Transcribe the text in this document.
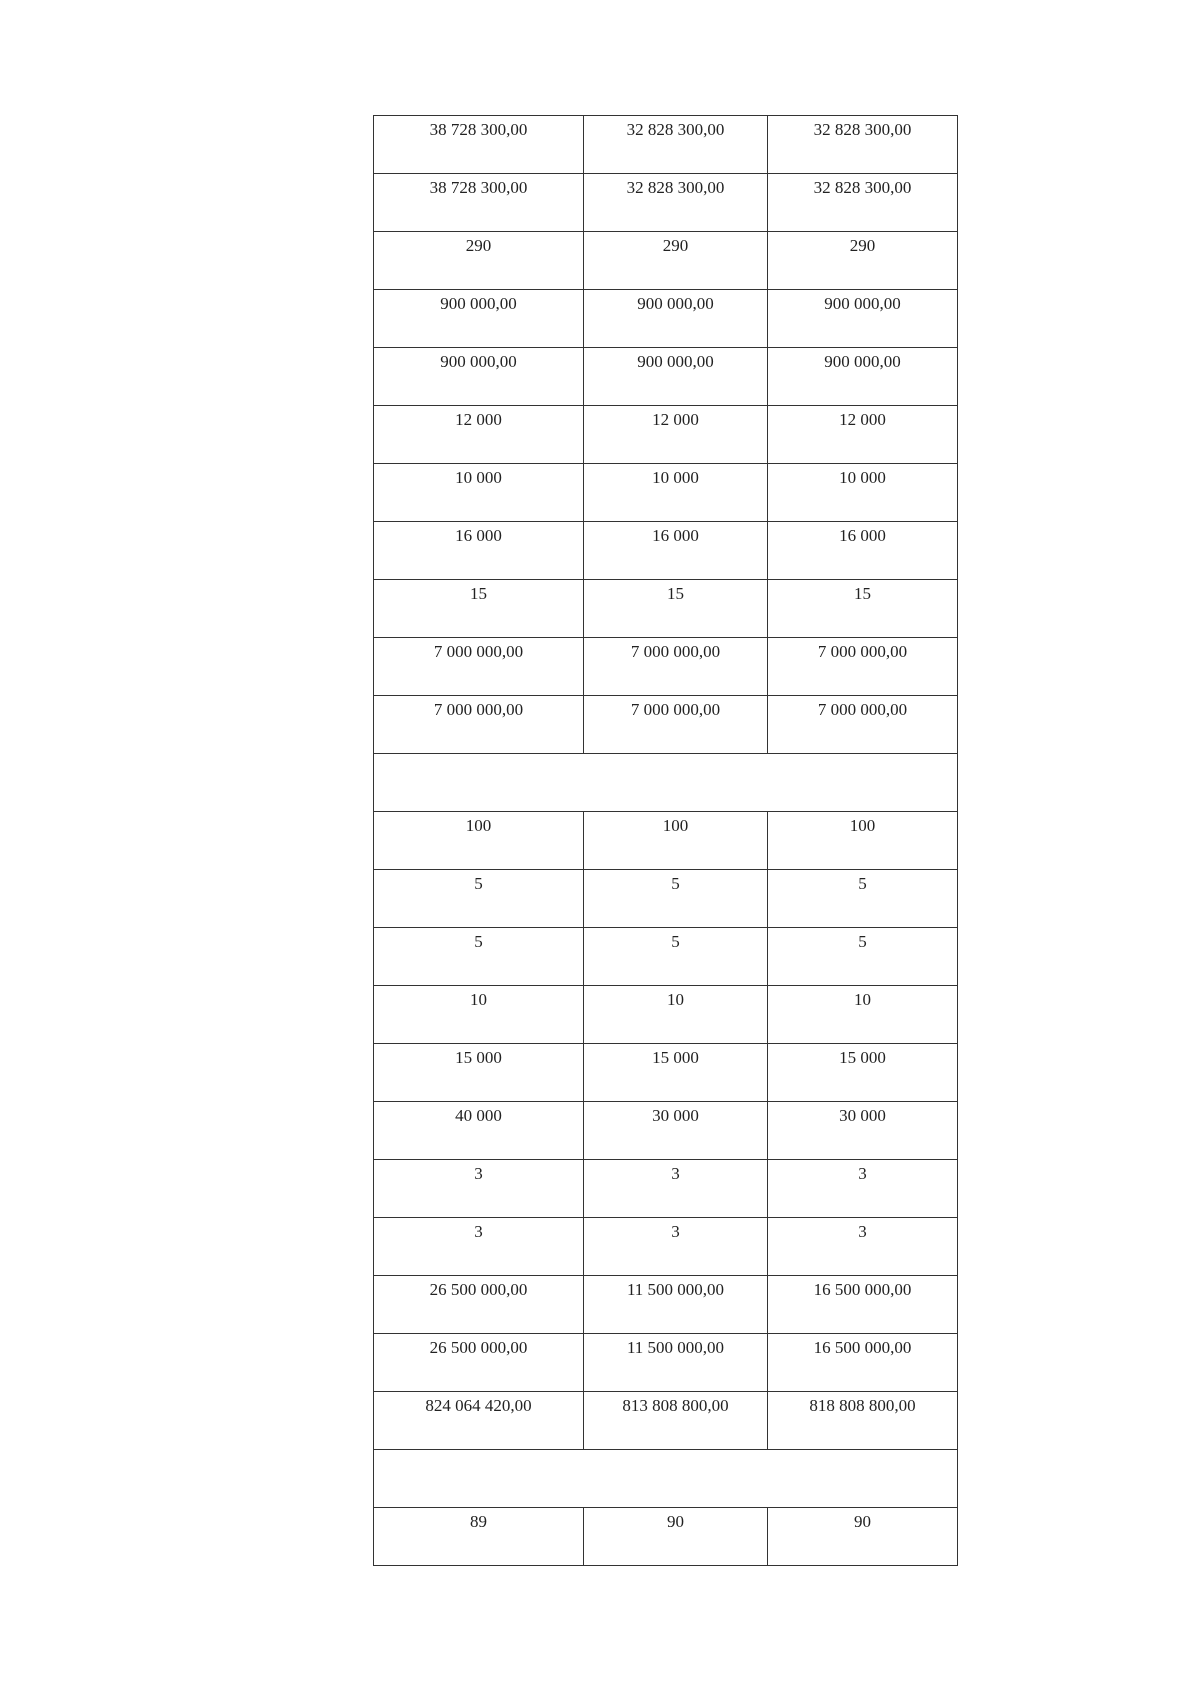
38 728 300,00	32 828 300,00	32 828 300,00

38 728 300,00	32 828 300,00	32 828 300,00

290	290	290

900 000,00	900 000,00	900 000,00

900 000,00	900 000,00	900 000,00

12 000	12 000	12 000

10 000	10 000	10 000

16 000	16 000	16 000

15	15	15

7 000 000,00	7 000 000,00	7 000 000,00

7 000 000,00	7 000 000,00	7 000 000,00

100	100	100

5	5	5

5	5	5

10	10	10

15 000	15 000	15 000

40 000	30 000	30 000

3	3	3

3	3	3

26 500 000,00	11 500 000,00	16 500 000,00

26 500 000,00	11 500 000,00	16 500 000,00

824 064 420,00	813 808 800,00	818 808 800,00

89	90	90
